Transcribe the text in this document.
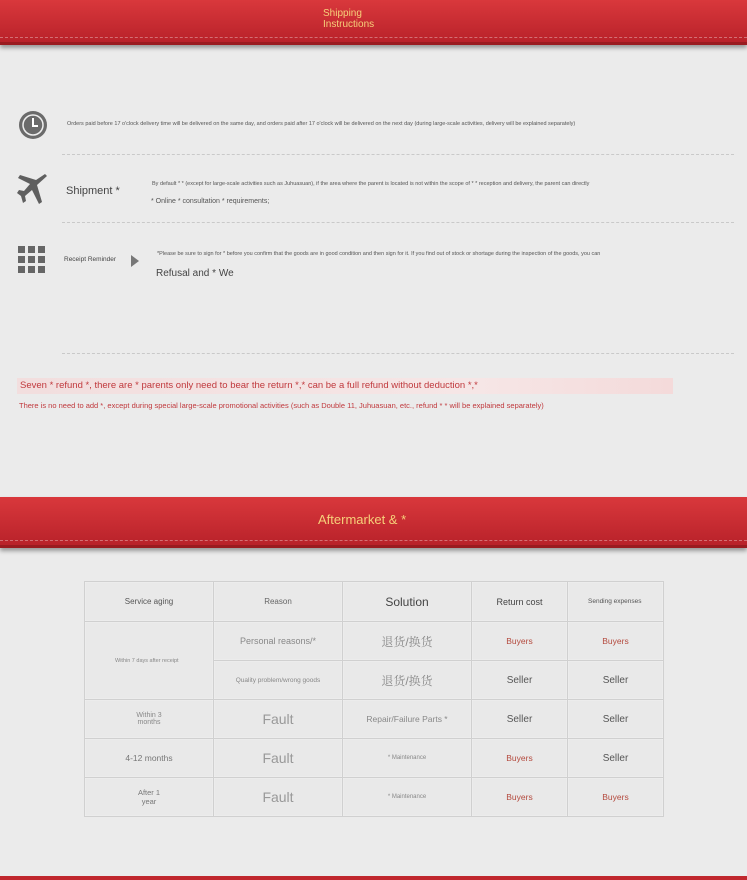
Shipping
Instructions
Orders paid before 17 o'clock delivery time will be delivered on the same day, and orders paid after 17 o'clock will be delivered on the next day (during large-scale activities, delivery will be explained separately)
Shipment *
By default * * (except for large-scale activities such as Juhuasuan), if the area where the parent is located is not within the scope of * * reception and delivery, the parent can directly
* Online * consultation * requirements;
Receipt Reminder
*Please be sure to sign for * before you confirm that the goods are in good condition and then sign for it. If you find out of stock or shortage during the inspection of the goods, you can
Refusal and * We
Seven * refund *, there are * parents only need to bear the return *,* can be a full refund without deduction *,*
There is no need to add *, except during special large-scale promotional activities (such as Double 11, Juhuasuan, etc., refund * * will be explained separately)
Aftermarket & *
Service aging	Reason	Solution	Return cost	Sending expenses
Within 7 days after receipt	Personal reasons/*	退货/换货	Buyers	Buyers
	Quality problem/wrong goods	退货/换货	Seller	Seller
Within 3 months	Fault	Repair/Failure Parts *	Seller	Seller
4-12 months	Fault	* Maintenance	Buyers	Seller
After 1 year	Fault	* Maintenance	Buyers	Buyers
